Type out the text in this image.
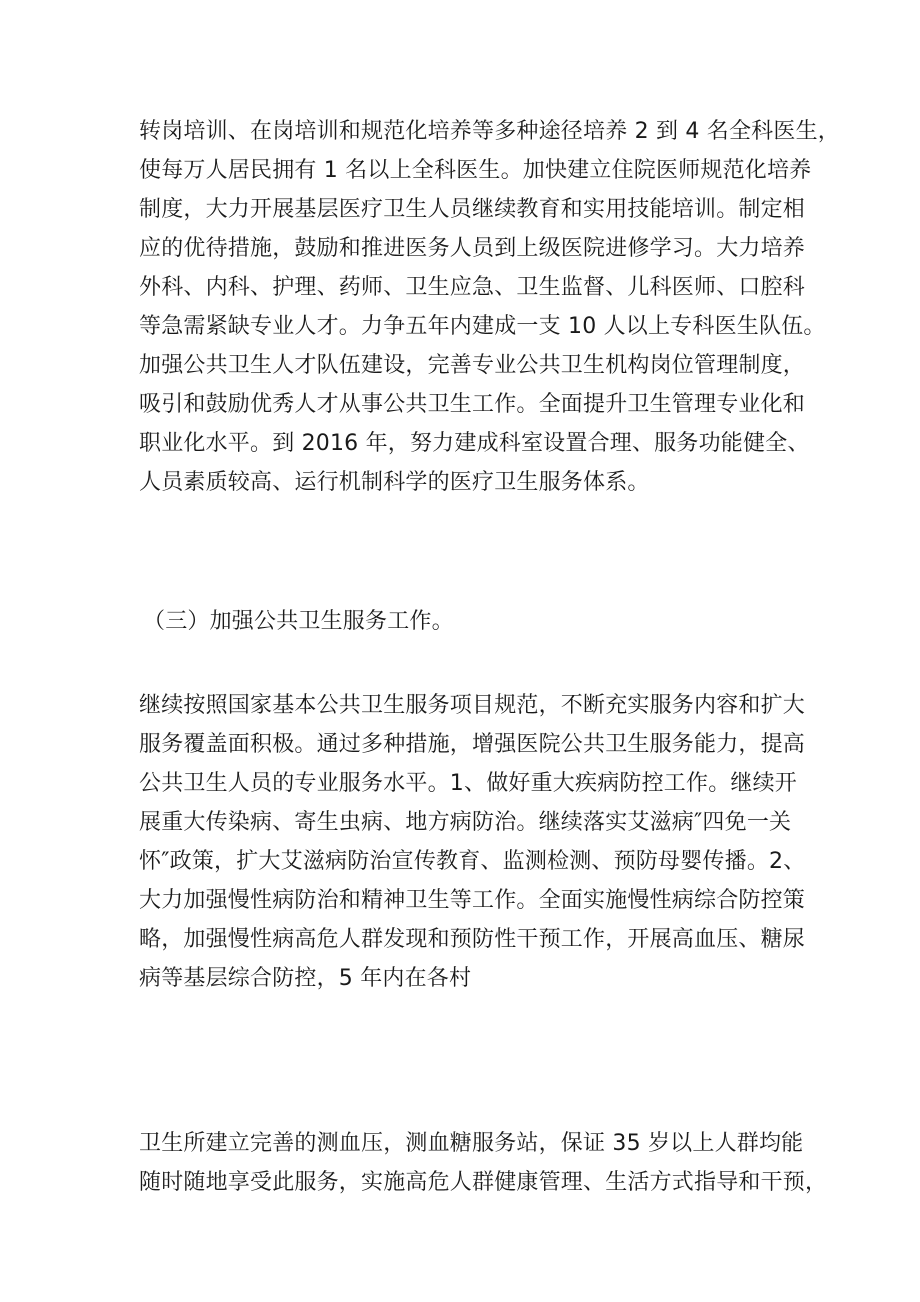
转岗培训、在岗培训和规范化培养等多种途径培养 2 到 4 名全科医生，
使每万人居民拥有 1 名以上全科医生。加快建立住院医师规范化培养
制度，大力开展基层医疗卫生人员继续教育和实用技能培训。制定相
应的优待措施，鼓励和推进医务人员到上级医院进修学习。大力培养
外科、内科、护理、药师、卫生应急、卫生监督、儿科医师、口腔科
等急需紧缺专业人才。力争五年内建成一支 10 人以上专科医生队伍。
加强公共卫生人才队伍建设，完善专业公共卫生机构岗位管理制度，
吸引和鼓励优秀人才从事公共卫生工作。全面提升卫生管理专业化和
职业化水平。到 2016 年，努力建成科室设置合理、服务功能健全、
人员素质较高、运行机制科学的医疗卫生服务体系。
（三）加强公共卫生服务工作。
继续按照国家基本公共卫生服务项目规范，不断充实服务内容和扩大
服务覆盖面积极。通过多种措施，增强医院公共卫生服务能力，提高
公共卫生人员的专业服务水平。1、做好重大疾病防控工作。继续开
展重大传染病、寄生虫病、地方病防治。继续落实艾滋病″四免一关
怀″政策，扩大艾滋病防治宣传教育、监测检测、预防母婴传播。2、
大力加强慢性病防治和精神卫生等工作。全面实施慢性病综合防控策
略，加强慢性病高危人群发现和预防性干预工作，开展高血压、糖尿
病等基层综合防控，5 年内在各村
卫生所建立完善的测血压，测血糖服务站，保证 35 岁以上人群均能
随时随地享受此服务，实施高危人群健康管理、生活方式指导和干预，
